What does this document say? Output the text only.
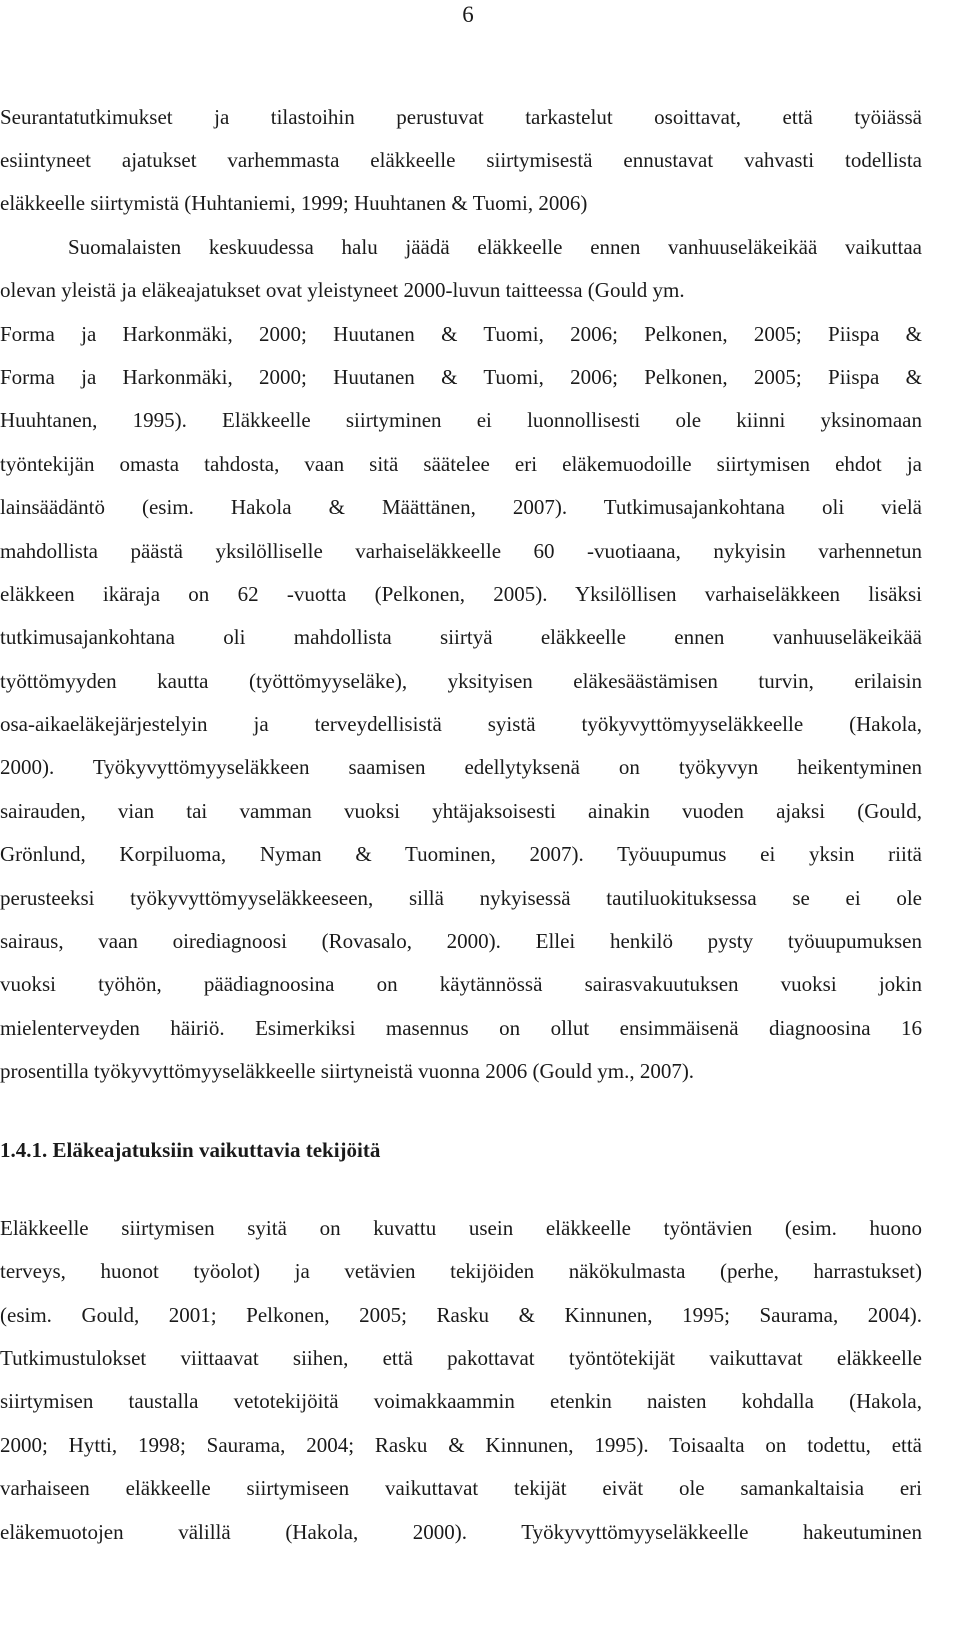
6
Seurantatutkimukset ja tilastoihin perustuvat tarkastelut osoittavat, että työiässä
esiintyneet ajatukset varhemmasta eläkkeelle siirtymisestä ennustavat vahvasti todellista
eläkkeelle siirtymistä (Huhtaniemi, 1999; Huuhtanen & Tuomi, 2006)
Suomalaisten keskuudessa halu jäädä eläkkeelle ennen vanhuuseläkeikää vaikuttaa
olevan yleistä ja eläkeajatukset ovat yleistyneet 2000-luvun taitteessa (Gould ym.
Forma ja Harkonmäki, 2000; Huutanen & Tuomi, 2006; Pelkonen, 2005; Piispa &
Forma ja Harkonmäki, 2000; Huutanen & Tuomi, 2006; Pelkonen, 2005; Piispa &
Huuhtanen, 1995). Eläkkeelle siirtyminen ei luonnollisesti ole kiinni yksinomaan
työntekijän omasta tahdosta, vaan sitä säätelee eri eläkemuodoille siirtymisen ehdot ja
lainsäädäntö (esim. Hakola & Määttänen, 2007). Tutkimusajankohtana oli vielä
mahdollista päästä yksilölliselle varhaiseläkkeelle 60 -vuotiaana, nykyisin varhennetun
eläkkeen ikäraja on 62 -vuotta (Pelkonen, 2005). Yksilöllisen varhaiseläkkeen lisäksi
tutkimusajankohtana oli mahdollista siirtyä eläkkeelle ennen vanhuuseläkeikää
työttömyyden kautta (työttömyyseläke), yksityisen eläkesäästämisen turvin, erilaisin
osa-aikaeläkejärjestelyin ja terveydellisistä syistä työkyvyttömyyseläkkeelle (Hakola,
2000). Työkyvyttömyyseläkkeen saamisen edellytyksenä on työkyvyn heikentyminen
sairauden, vian tai vamman vuoksi yhtäjaksoisesti ainakin vuoden ajaksi (Gould,
Grönlund, Korpiluoma, Nyman & Tuominen, 2007). Työuupumus ei yksin riitä
perusteeksi työkyvyttömyyseläkkeeseen, sillä nykyisessä tautiluokituksessa se ei ole
sairaus, vaan oirediagnoosi (Rovasalo, 2000). Ellei henkilö pysty työuupumuksen
vuoksi työhön, päädiagnoosina on käytännössä sairasvakuutuksen vuoksi jokin
mielenterveyden häiriö. Esimerkiksi masennus on ollut ensimmäisenä diagnoosina 16
prosentilla työkyvyttömyyseläkkeelle siirtyneistä vuonna 2006 (Gould ym., 2007).
1.4.1. Eläkeajatuksiin vaikuttavia tekijöitä
Eläkkeelle siirtymisen syitä on kuvattu usein eläkkeelle työntävien (esim. huono
terveys, huonot työolot) ja vetävien tekijöiden näkökulmasta (perhe, harrastukset)
(esim. Gould, 2001; Pelkonen, 2005; Rasku & Kinnunen, 1995; Saurama, 2004).
Tutkimustulokset viittaavat siihen, että pakottavat työntötekijät vaikuttavat eläkkeelle
siirtymisen taustalla vetotekijöitä voimakkaammin etenkin naisten kohdalla (Hakola,
2000; Hytti, 1998; Saurama, 2004; Rasku & Kinnunen, 1995). Toisaalta on todettu, että
varhaiseen eläkkeelle siirtymiseen vaikuttavat tekijät eivät ole samankaltaisia eri
eläkemuotojen välillä (Hakola, 2000). Työkyvyttömyyseläkkeelle hakeutuminen
